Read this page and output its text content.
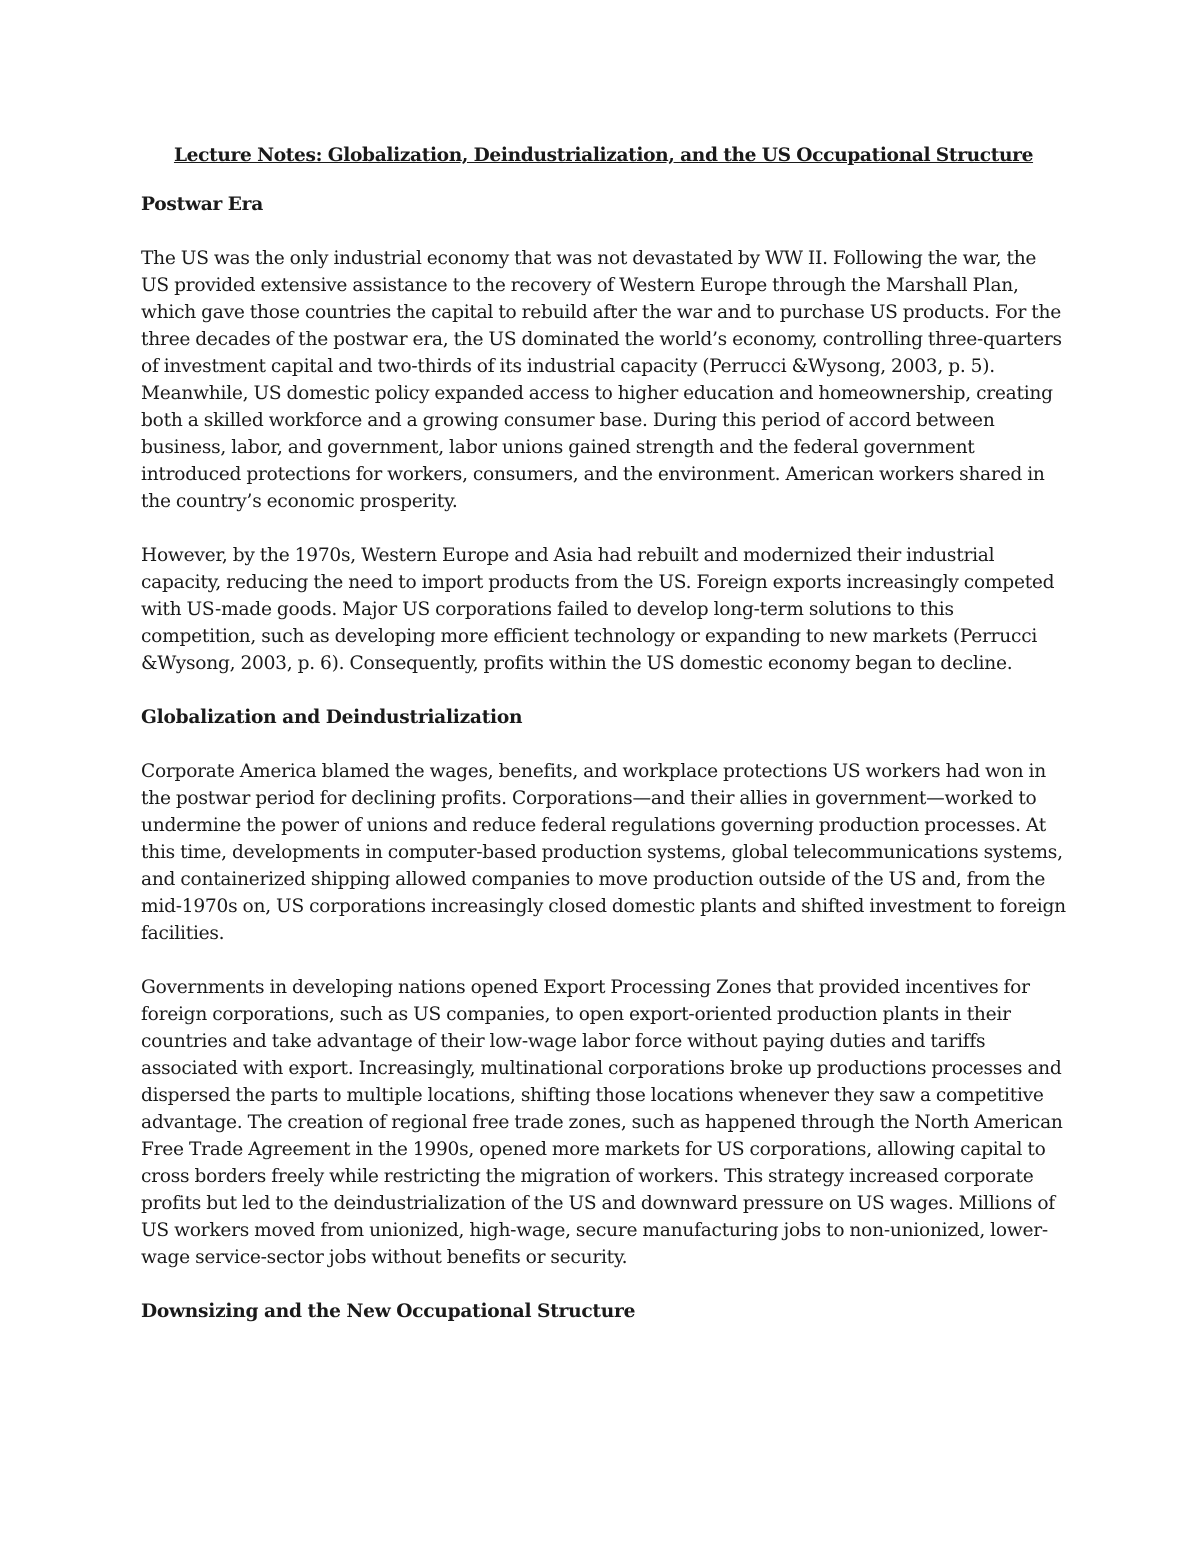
Lecture Notes: Globalization, Deindustrialization, and the US Occupational Structure
Postwar Era

The US was the only industrial economy that was not devastated by WW II. Following the war, the US provided extensive assistance to the recovery of Western Europe through the Marshall Plan, which gave those countries the capital to rebuild after the war and to purchase US products. For the three decades of the postwar era, the US dominated the world’s economy, controlling three-quarters of investment capital and two-thirds of its industrial capacity (Perrucci &Wysong, 2003, p. 5). Meanwhile, US domestic policy expanded access to higher education and homeownership, creating both a skilled workforce and a growing consumer base. During this period of accord between business, labor, and government, labor unions gained strength and the federal government introduced protections for workers, consumers, and the environment. American workers shared in the country’s economic prosperity.

However, by the 1970s, Western Europe and Asia had rebuilt and modernized their industrial capacity, reducing the need to import products from the US. Foreign exports increasingly competed with US-made goods. Major US corporations failed to develop long-term solutions to this competition, such as developing more efficient technology or expanding to new markets (Perrucci &Wysong, 2003, p. 6). Consequently, profits within the US domestic economy began to decline.

Globalization and Deindustrialization

Corporate America blamed the wages, benefits, and workplace protections US workers had won in the postwar period for declining profits. Corporations—and their allies in government—worked to undermine the power of unions and reduce federal regulations governing production processes. At this time, developments in computer-based production systems, global telecommunications systems, and containerized shipping allowed companies to move production outside of the US and, from the mid-1970s on, US corporations increasingly closed domestic plants and shifted investment to foreign facilities.

Governments in developing nations opened Export Processing Zones that provided incentives for foreign corporations, such as US companies, to open export-oriented production plants in their countries and take advantage of their low-wage labor force without paying duties and tariffs associated with export. Increasingly, multinational corporations broke up productions processes and dispersed the parts to multiple locations, shifting those locations whenever they saw a competitive advantage. The creation of regional free trade zones, such as happened through the North American Free Trade Agreement in the 1990s, opened more markets for US corporations, allowing capital to cross borders freely while restricting the migration of workers. This strategy increased corporate profits but led to the deindustrialization of the US and downward pressure on US wages. Millions of US workers moved from unionized, high-wage, secure manufacturing jobs to non-unionized, lower-wage service-sector jobs without benefits or security.

Downsizing and the New Occupational Structure
